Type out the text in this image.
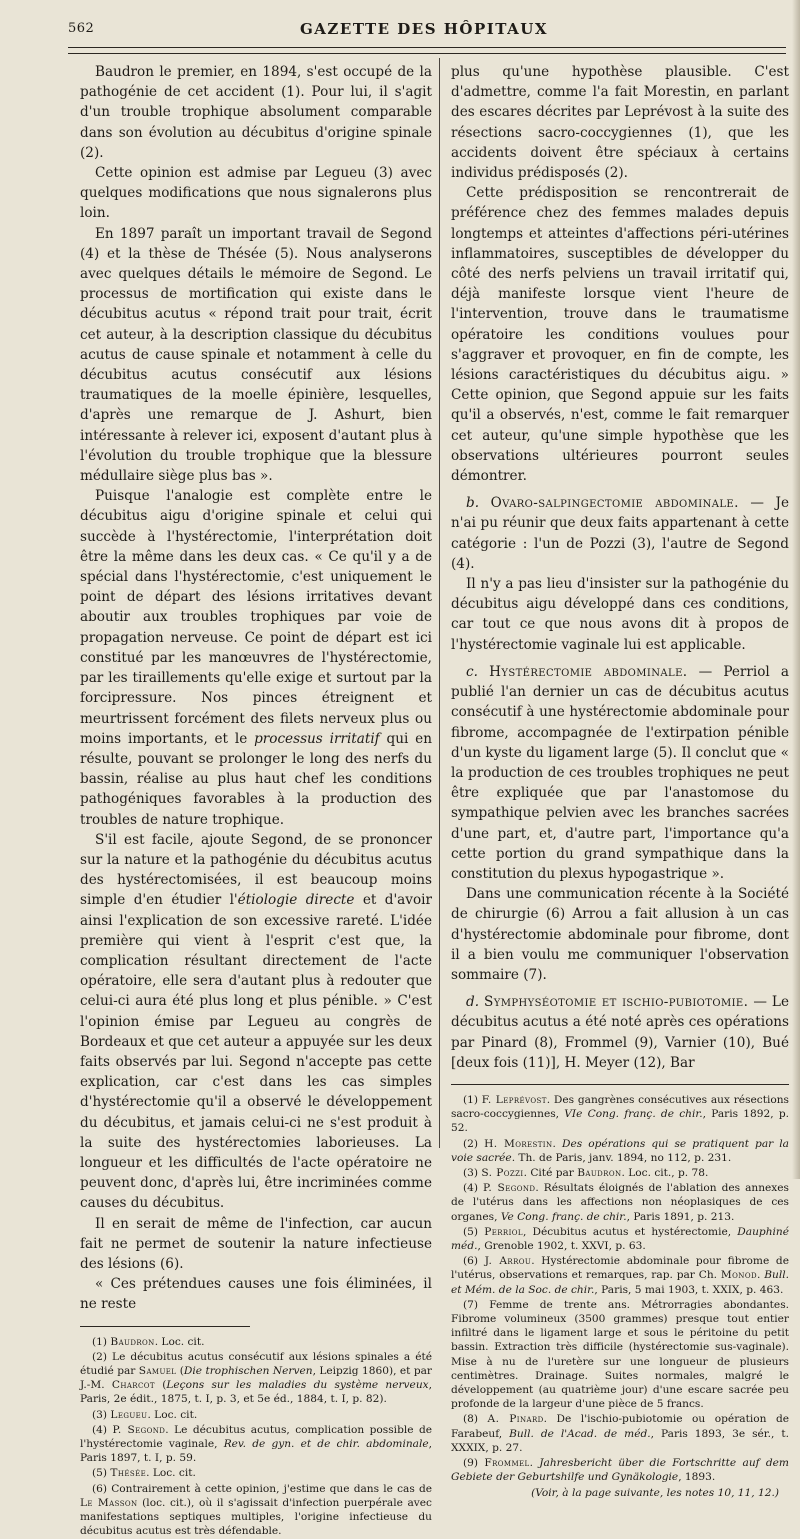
562	GAZETTE DES HÔPITAUX

Baudron le premier, en 1894, s'est occupé de la pathogénie de cet accident (1). Pour lui, il s'agit d'un trouble trophique absolument comparable dans son évolution au décubitus d'origine spinale (2).

Cette opinion est admise par Legueu (3) avec quelques modifications que nous signalerons plus loin.

En 1897 paraît un important travail de Segond (4) et la thèse de Thésée (5). Nous analyserons avec quelques détails le mémoire de Segond. Le processus de mortification qui existe dans le décubitus acutus « répond trait pour trait, écrit cet auteur, à la description classique du décubitus acutus de cause spinale et notamment à celle du décubitus acutus consécutif aux lésions traumatiques de la moelle épinière, lesquelles, d'après une remarque de J. Ashurt, bien intéressante à relever ici, exposent d'autant plus à l'évolution du trouble trophique que la blessure médullaire siège plus bas ».

Puisque l'analogie est complète entre le décubitus aigu d'origine spinale et celui qui succède à l'hystérectomie, l'interprétation doit être la même dans les deux cas. « Ce qu'il y a de spécial dans l'hystérectomie, c'est uniquement le point de départ des lésions irritatives devant aboutir aux troubles trophiques par voie de propagation nerveuse. Ce point de départ est ici constitué par les manœuvres de l'hystérectomie, par les tiraillements qu'elle exige et surtout par la forcipressure. Nos pinces étreignent et meurtrissent forcément des filets nerveux plus ou moins importants, et le processus irritatif qui en résulte, pouvant se prolonger le long des nerfs du bassin, réalise au plus haut chef les conditions pathogéniques favorables à la production des troubles de nature trophique.

S'il est facile, ajoute Segond, de se prononcer sur la nature et la pathogénie du décubitus acutus des hystérectomisées, il est beaucoup moins simple d'en étudier l'étiologie directe et d'avoir ainsi l'explication de son excessive rareté. L'idée première qui vient à l'esprit c'est que, la complication résultant directement de l'acte opératoire, elle sera d'autant plus à redouter que celui-ci aura été plus long et plus pénible. » C'est l'opinion émise par Legueu au congrès de Bordeaux et que cet auteur a appuyée sur les deux faits observés par lui. Segond n'accepte pas cette explication, car c'est dans les cas simples d'hystérectomie qu'il a observé le développement du décubitus, et jamais celui-ci ne s'est produit à la suite des hystérectomies laborieuses. La longueur et les difficultés de l'acte opératoire ne peuvent donc, d'après lui, être incriminées comme causes du décubitus.

Il en serait de même de l'infection, car aucun fait ne permet de soutenir la nature infectieuse des lésions (6).

« Ces prétendues causes une fois éliminées, il ne reste

(1) Baudron. Loc. cit.

(2) Le décubitus acutus consécutif aux lésions spinales a été étudié par Samuel (Die trophischen Nerven, Leipzig 1860), et par J.-M. Charcot (Leçons sur les maladies du système nerveux, Paris, 2e édit., 1875, t. I, p. 3, et 5e éd., 1884, t. I, p. 82).

(3) Legueu. Loc. cit.

(4) P. Segond. Le décubitus acutus, complication possible de l'hystérectomie vaginale, Rev. de gyn. et de chir. abdominale, Paris 1897, t. I, p. 59.

(5) Thésée. Loc. cit.

(6) Contrairement à cette opinion, j'estime que dans le cas de Le Masson (loc. cit.), où il s'agissait d'infection puerpérale avec manifestations septiques multiples, l'origine infectieuse du décubitus acutus est très défendable.

plus qu'une hypothèse plausible. C'est d'admettre, comme l'a fait Morestin, en parlant des escares décrites par Leprévost à la suite des résections sacro-coccygiennes (1), que les accidents doivent être spéciaux à certains individus prédisposés (2).

Cette prédisposition se rencontrerait de préférence chez des femmes malades depuis longtemps et atteintes d'affections péri-utérines inflammatoires, susceptibles de développer du côté des nerfs pelviens un travail irritatif qui, déjà manifeste lorsque vient l'heure de l'intervention, trouve dans le traumatisme opératoire les conditions voulues pour s'aggraver et provoquer, en fin de compte, les lésions caractéristiques du décubitus aigu. » Cette opinion, que Segond appuie sur les faits qu'il a observés, n'est, comme le fait remarquer cet auteur, qu'une simple hypothèse que les observations ultérieures pourront seules démontrer.

b. Ovaro-salpingectomie abdominale. — Je n'ai pu réunir que deux faits appartenant à cette catégorie : l'un de Pozzi (3), l'autre de Segond (4).

Il n'y a pas lieu d'insister sur la pathogénie du décubitus aigu développé dans ces conditions, car tout ce que nous avons dit à propos de l'hystérectomie vaginale lui est applicable.

c. Hystérectomie abdominale. — Perriol a publié l'an dernier un cas de décubitus acutus consécutif à une hystérectomie abdominale pour fibrome, accompagnée de l'extirpation pénible d'un kyste du ligament large (5). Il conclut que « la production de ces troubles trophiques ne peut être expliquée que par l'anastomose du sympathique pelvien avec les branches sacrées d'une part, et, d'autre part, l'importance qu'a cette portion du grand sympathique dans la constitution du plexus hypogastrique ».

Dans une communication récente à la Société de chirurgie (6) Arrou a fait allusion à un cas d'hystérectomie abdominale pour fibrome, dont il a bien voulu me communiquer l'observation sommaire (7).

d. Symphyséotomie et ischio-pubiotomie. — Le décubitus acutus a été noté après ces opérations par Pinard (8), Frommel (9), Varnier (10), Bué [deux fois (11)], H. Meyer (12), Bar

(1) F. Leprévost. Des gangrènes consécutives aux résections sacro-coccygiennes, VIe Cong. franç. de chir., Paris 1892, p. 52.

(2) H. Morestin. Des opérations qui se pratiquent par la voie sacrée. Th. de Paris, janv. 1894, no 112, p. 231.

(3) S. Pozzi. Cité par Baudron. Loc. cit., p. 78.

(4) P. Segond. Résultats éloignés de l'ablation des annexes de l'utérus dans les affections non néoplasiques de ces organes, Ve Cong. franç. de chir., Paris 1891, p. 213.

(5) Perriol, Décubitus acutus et hystérectomie, Dauphiné méd., Grenoble 1902, t. XXVI, p. 63.

(6) J. Arrou. Hystérectomie abdominale pour fibrome de l'utérus, observations et remarques, rap. par Ch. Monod. Bull. et Mém. de la Soc. de chir., Paris, 5 mai 1903, t. XXIX, p. 463.

(7) Femme de trente ans. Métrorragies abondantes. Fibrome volumineux (3500 grammes) presque tout entier infiltré dans le ligament large et sous le péritoine du petit bassin. Extraction très difficile (hystérectomie sus-vaginale). Mise à nu de l'uretère sur une longueur de plusieurs centimètres. Drainage. Suites normales, malgré le développement (au quatrième jour) d'une escare sacrée peu profonde de la largeur d'une pièce de 5 francs.

(8) A. Pinard. De l'ischio-pubiotomie ou opération de Farabeuf, Bull. de l'Acad. de méd., Paris 1893, 3e sér., t. XXXIX, p. 27.

(9) Frommel. Jahresbericht über die Fortschritte auf dem Gebiete der Geburtshilfe und Gynäkologie, 1893.

(Voir, à la page suivante, les notes 10, 11, 12.)
